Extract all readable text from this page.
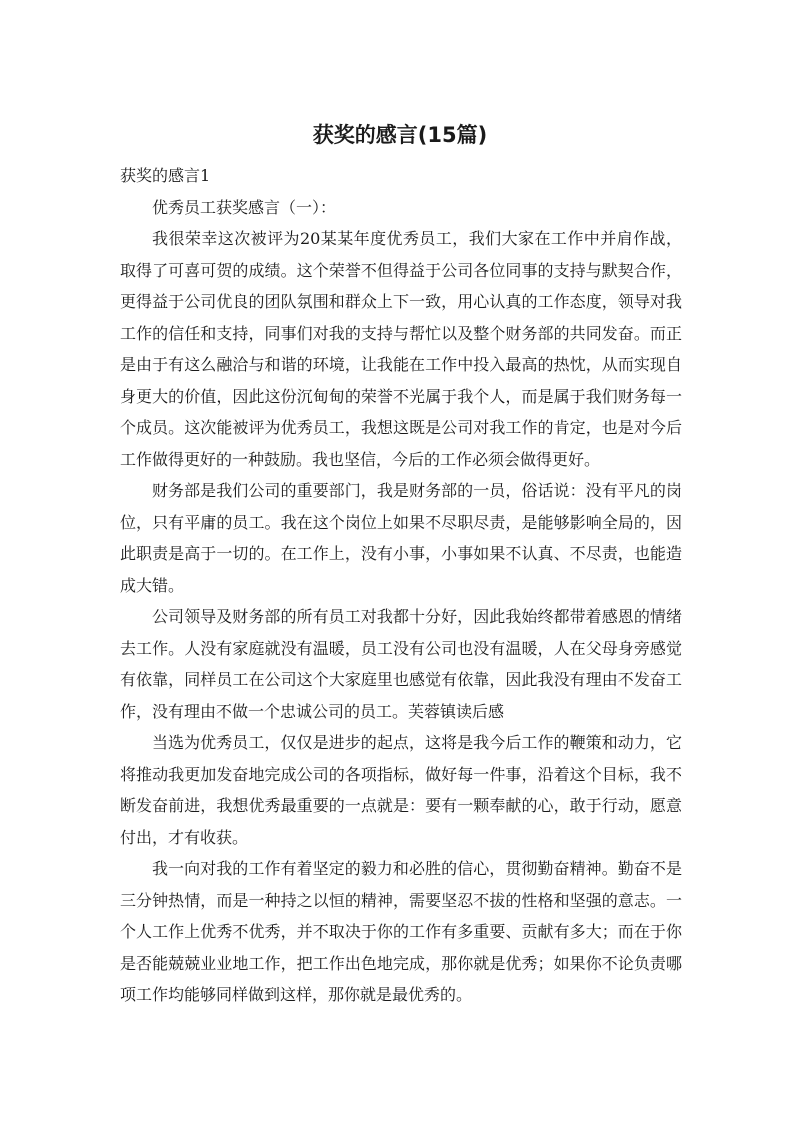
获奖的感言(15篇)

获奖的感言1

优秀员工获奖感言（一）：

我很荣幸这次被评为20某某年度优秀员工，我们大家在工作中并肩作战，取得了可喜可贺的成绩。这个荣誉不但得益于公司各位同事的支持与默契合作，更得益于公司优良的团队氛围和群众上下一致，用心认真的工作态度，领导对我工作的信任和支持，同事们对我的支持与帮忙以及整个财务部的共同发奋。而正是由于有这么融洽与和谐的环境，让我能在工作中投入最高的热忱，从而实现自身更大的价值，因此这份沉甸甸的荣誉不光属于我个人，而是属于我们财务每一个成员。这次能被评为优秀员工，我想这既是公司对我工作的肯定，也是对今后工作做得更好的一种鼓励。我也坚信，今后的工作必须会做得更好。

财务部是我们公司的重要部门，我是财务部的一员，俗话说：没有平凡的岗位，只有平庸的员工。我在这个岗位上如果不尽职尽责，是能够影响全局的，因此职责是高于一切的。在工作上，没有小事，小事如果不认真、不尽责，也能造成大错。

公司领导及财务部的所有员工对我都十分好，因此我始终都带着感恩的情绪去工作。人没有家庭就没有温暖，员工没有公司也没有温暖，人在父母身旁感觉有依靠，同样员工在公司这个大家庭里也感觉有依靠，因此我没有理由不发奋工作，没有理由不做一个忠诚公司的员工。芙蓉镇读后感

当选为优秀员工，仅仅是进步的起点，这将是我今后工作的鞭策和动力，它将推动我更加发奋地完成公司的各项指标，做好每一件事，沿着这个目标，我不断发奋前进，我想优秀最重要的一点就是：要有一颗奉献的心，敢于行动，愿意付出，才有收获。

我一向对我的工作有着坚定的毅力和必胜的信心，贯彻勤奋精神。勤奋不是三分钟热情，而是一种持之以恒的精神，需要坚忍不拔的性格和坚强的意志。一个人工作上优秀不优秀，并不取决于你的工作有多重要、贡献有多大；而在于你是否能兢兢业业地工作，把工作出色地完成，那你就是优秀；如果你不论负责哪项工作均能够同样做到这样，那你就是最优秀的。
